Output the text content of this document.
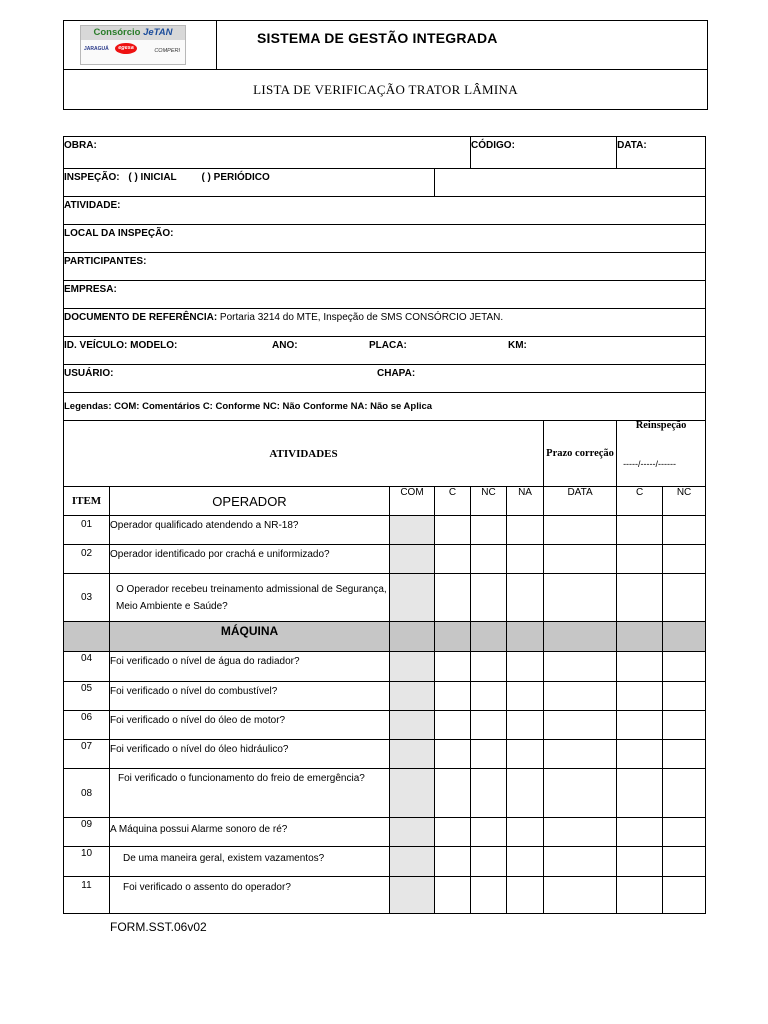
Consórcio JeTAN
JARAGUÁ	egesa	COMPERI
SISTEMA DE GESTÃO INTEGRADA
LISTA DE VERIFICAÇÃO TRATOR LÂMINA
OBRA:				CÓDIGO:			DATA:	
INSPEÇÃO: ( ) INICIAL ( ) PERIÓDICO								
ATIVIDADE:								
LOCAL DA INSPEÇÃO:								
PARTICIPANTES:								
EMPRESA:								
DOCUMENTO DE REFERÊNCIA: Portaria 3214 do MTE, Inspeção de SMS CONSÓRCIO JETAN.								
ID. VEÍCULO: MODELO: ANO: PLACA: KM:								

USUÁRIO: CHAPA:								

Legendas: COM: Comentários C: Conforme NC: Não Conforme NA: Não se Aplica								
ATIVIDADES						Prazo correção	Reinspeção
-----/-----/------	

ITEM	OPERADOR	COM	C	NC	NA	DATA	C	NC
01	Operador qualificado atendendo a NR-18?							
02	Operador identificado por crachá e uniformizado?							
03	O Operador recebeu treinamento admissional de Segurança, Meio Ambiente e Saúde?							
	MÁQUINA							
04	Foi verificado o nível de água do radiador?							
05	Foi verificado o nível do combustível?							
06	Foi verificado o nível do óleo de motor?							
07	Foi verificado o nível do óleo hidráulico?							
08	Foi verificado o funcionamento do freio de emergência?							
09	A Máquina possui Alarme sonoro de ré?							
10	De uma maneira geral, existem vazamentos?							
11	Foi verificado o assento do operador?							
FORM.SST.06v02
